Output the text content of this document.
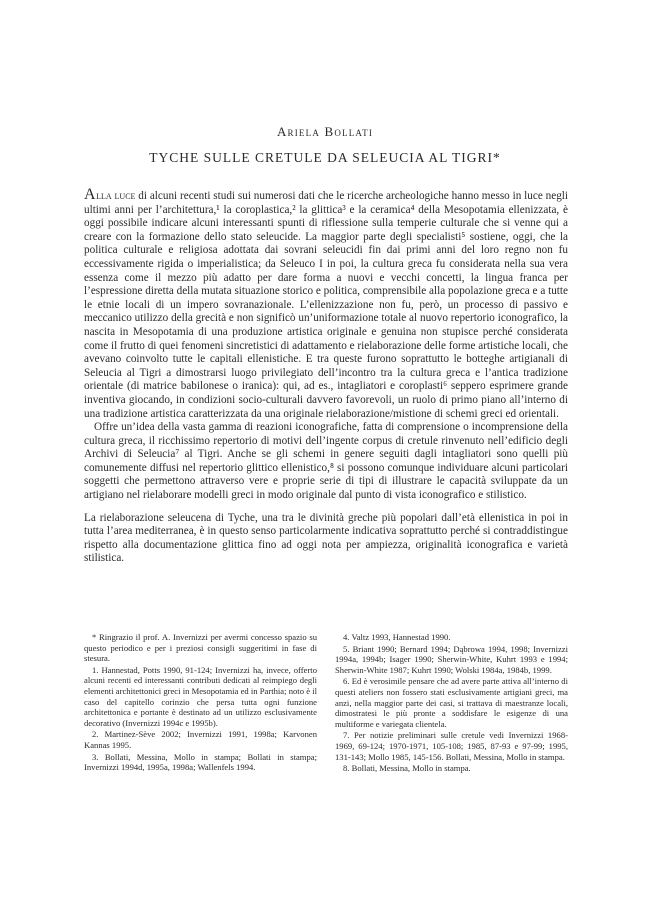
Ariela Bollati
TYCHE SULLE CRETULE DA SELEUCIA AL TIGRI*

Alla luce di alcuni recenti studi sui numerosi dati che le ricerche archeologiche hanno messo in luce negli ultimi anni per l’architettura,¹ la coroplastica,² la glittica³ e la ceramica⁴ della Mesopotamia ellenizzata, è oggi possibile indicare alcuni interessanti spunti di riflessione sulla temperie culturale che si venne qui a creare con la formazione dello stato seleucide. La maggior parte degli specialisti⁵ sostiene, oggi, che la politica culturale e religiosa adottata dai sovrani seleucidi fin dai primi anni del loro regno non fu eccessivamente rigida o imperialistica; da Seleuco I in poi, la cultura greca fu considerata nella sua vera essenza come il mezzo più adatto per dare forma a nuovi e vecchi concetti, la lingua franca per l’espressione diretta della mutata situazione storico e politica, comprensibile alla popolazione greca e a tutte le etnie locali di un impero sovranazionale. L’ellenizzazione non fu, però, un processo di passivo e meccanico utilizzo della grecità e non significò un’uniformazione totale al nuovo repertorio iconografico, la nascita in Mesopotamia di una produzione artistica originale e genuina non stupisce perché considerata come il frutto di quei fenomeni sincretistici di adattamento e rielaborazione delle forme artistiche locali, che avevano coinvolto tutte le capitali ellenistiche. E tra queste furono soprattutto le botteghe artigianali di Seleucia al Tigri a dimostrarsi luogo privilegiato dell’incontro tra la cultura greca e l’antica tradizione orientale (di matrice babilonese o iranica): qui, ad es., intagliatori e coroplasti⁶ seppero esprimere grande inventiva giocando, in condizioni socio-culturali davvero favorevoli, un ruolo di primo piano all’interno di una tradizione artistica caratterizzata da una originale rielaborazione/mistione di schemi greci ed orientali.

Offre un’idea della vasta gamma di reazioni iconografiche, fatta di comprensione o incomprensione della cultura greca, il ricchissimo repertorio di motivi dell’ingente corpus di cretule rinvenuto nell’edificio degli Archivi di Seleucia⁷ al Tigri. Anche se gli schemi in genere seguiti dagli intagliatori sono quelli più comunemente diffusi nel repertorio glittico ellenistico,⁸ si possono comunque individuare alcuni particolari soggetti che permettono attraverso vere e proprie serie di tipi di illustrare le capacità sviluppate da un artigiano nel rielaborare modelli greci in modo originale dal punto di vista iconografico e stilistico.

La rielaborazione seleucena di Tyche, una tra le divinità greche più popolari dall’età ellenistica in poi in tutta l’area mediterranea, è in questo senso particolarmente indicativa soprattutto perché si contraddistingue rispetto alla documentazione glittica fino ad oggi nota per ampiezza, originalità iconografica e varietà stilistica.

* Ringrazio il prof. A. Invernizzi per avermi concesso spazio su questo periodico e per i preziosi consigli suggeritimi in fase di stesura.

1. Hannestad, Potts 1990, 91-124; Invernizzi ha, invece, offerto alcuni recenti ed interessanti contributi dedicati al reimpiego degli elementi architettonici greci in Mesopotamia ed in Parthia; noto è il caso del capitello corinzio che persa tutta ogni funzione architettonica e portante è destinato ad un utilizzo esclusivamente decorativo (Invernizzi 1994c e 1995b).

2. Martinez-Sève 2002; Invernizzi 1991, 1998a; Karvonen Kannas 1995.

3. Bollati, Messina, Mollo in stampa; Bollati in stampa; Invernizzi 1994d, 1995a, 1998a; Wallenfels 1994.

4. Valtz 1993, Hannestad 1990.

5. Briant 1990; Bernard 1994; Dąbrowa 1994, 1998; Invernizzi 1994a, 1994b; Isager 1990; Sherwin-White, Kuhrt 1993 e 1994; Sherwin-White 1987; Kuhrt 1990; Wolski 1984a, 1984b, 1999.

6. Ed è verosimile pensare che ad avere parte attiva all’interno di questi ateliers non fossero stati esclusivamente artigiani greci, ma anzi, nella maggior parte dei casi, si trattava di maestranze locali, dimostratesi le più pronte a soddisfare le esigenze di una multiforme e variegata clientela.

7. Per notizie preliminari sulle cretule vedi Invernizzi 1968-1969, 69-124; 1970-1971, 105-108; 1985, 87-93 e 97-99; 1995, 131-143; Mollo 1985, 145-156. Bollati, Messina, Mollo in stampa.

8. Bollati, Messina, Mollo in stampa.
